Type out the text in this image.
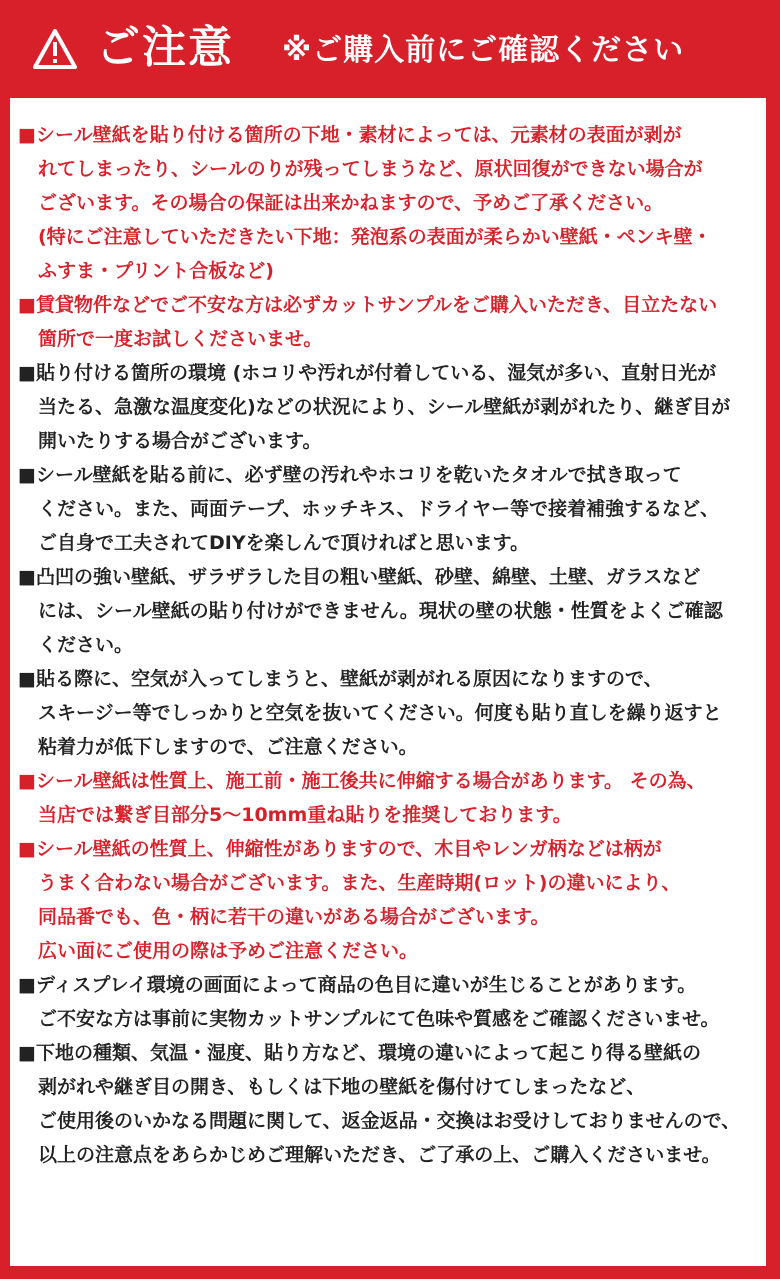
ご注意 ※ご購入前にご確認ください
■シール壁紙を貼り付ける箇所の下地・素材によっては、元素材の表面が剥が
れてしまったり、シールのりが残ってしまうなど、原状回復ができない場合が
ございます。その場合の保証は出来かねますので、予めご了承ください。
(特にご注意していただきたい下地：発泡系の表面が柔らかい壁紙・ペンキ壁・
ふすま・プリント合板など)
■賃貸物件などでご不安な方は必ずカットサンプルをご購入いただき、目立たない
箇所で一度お試しくださいませ。
■貼り付ける箇所の環境 (ホコリや汚れが付着している、湿気が多い、直射日光が
当たる、急激な温度変化)などの状況により、シール壁紙が剥がれたり、継ぎ目が
開いたりする場合がございます。
■シール壁紙を貼る前に、必ず壁の汚れやホコリを乾いたタオルで拭き取って
ください。また、両面テープ、ホッチキス、ドライヤー等で接着補強するなど、
ご自身で工夫されてDIYを楽しんで頂ければと思います。
■凸凹の強い壁紙、ザラザラした目の粗い壁紙、砂壁、綿壁、土壁、ガラスなど
には、シール壁紙の貼り付けができません。現状の壁の状態・性質をよくご確認
ください。
■貼る際に、空気が入ってしまうと、壁紙が剥がれる原因になりますので、
スキージー等でしっかりと空気を抜いてください。何度も貼り直しを繰り返すと
粘着力が低下しますので、ご注意ください。
■シール壁紙は性質上、施工前・施工後共に伸縮する場合があります。 その為、
当店では繋ぎ目部分5〜10mm重ね貼りを推奨しております。
■シール壁紙の性質上、伸縮性がありますので、木目やレンガ柄などは柄が
うまく合わない場合がございます。また、生産時期(ロット)の違いにより、
同品番でも、色・柄に若干の違いがある場合がございます。
広い面にご使用の際は予めご注意ください。
■ディスプレイ環境の画面によって商品の色目に違いが生じることがあります。
ご不安な方は事前に実物カットサンプルにて色味や質感をご確認くださいませ。
■下地の種類、気温・湿度、貼り方など、環境の違いによって起こり得る壁紙の
剥がれや継ぎ目の開き、もしくは下地の壁紙を傷付けてしまったなど、
ご使用後のいかなる問題に関して、返金返品・交換はお受けしておりませんので、
以上の注意点をあらかじめご理解いただき、ご了承の上、ご購入くださいませ。
